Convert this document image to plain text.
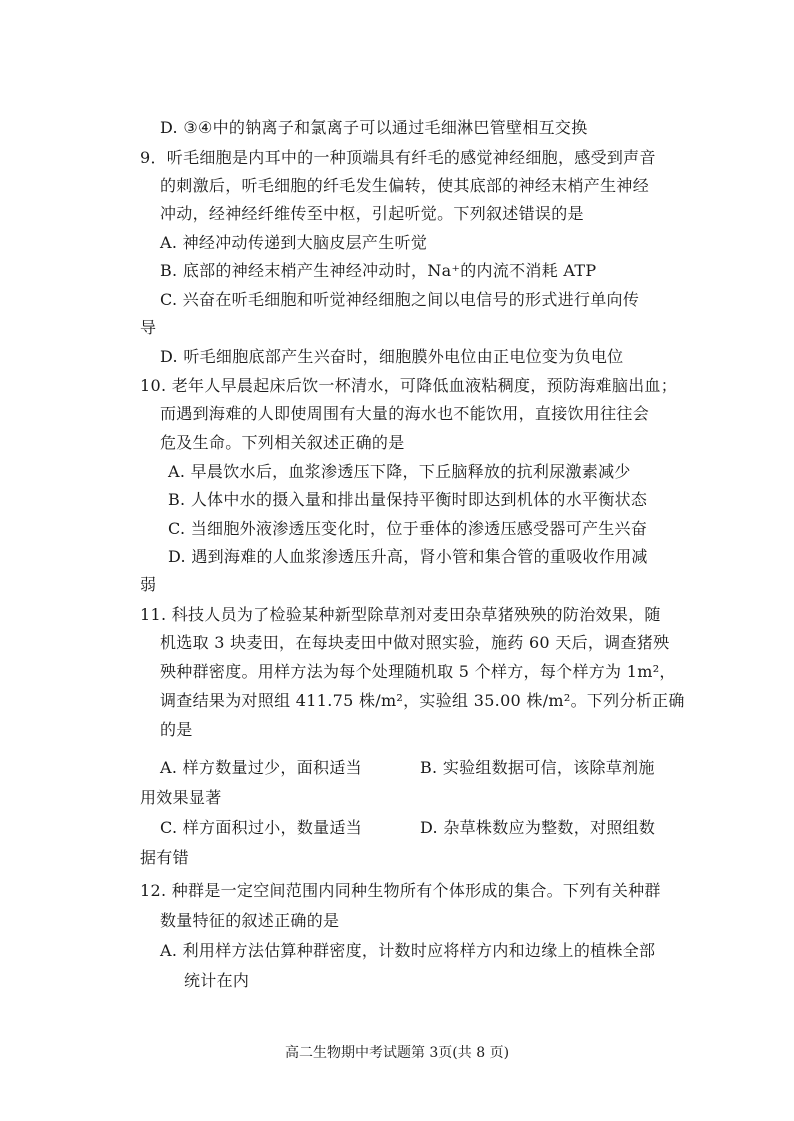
D. ③④中的钠离子和氯离子可以通过毛细淋巴管壁相互交换
9．听毛细胞是内耳中的一种顶端具有纤毛的感觉神经细胞，感受到声音
的刺激后，听毛细胞的纤毛发生偏转，使其底部的神经末梢产生神经
冲动，经神经纤维传至中枢，引起听觉。下列叙述错误的是
A. 神经冲动传递到大脑皮层产生听觉
B. 底部的神经末梢产生神经冲动时，Na⁺的内流不消耗 ATP
C. 兴奋在听毛细胞和听觉神经细胞之间以电信号的形式进行单向传
导
D. 听毛细胞底部产生兴奋时，细胞膜外电位由正电位变为负电位
10. 老年人早晨起床后饮一杯清水，可降低血液粘稠度，预防海难脑出血；
而遇到海难的人即使周围有大量的海水也不能饮用，直接饮用往往会
危及生命。下列相关叙述正确的是
A. 早晨饮水后，血浆渗透压下降，下丘脑释放的抗利尿激素减少
B. 人体中水的摄入量和排出量保持平衡时即达到机体的水平衡状态
C. 当细胞外液渗透压变化时，位于垂体的渗透压感受器可产生兴奋
D. 遇到海难的人血浆渗透压升高，肾小管和集合管的重吸收作用减
弱
11. 科技人员为了检验某种新型除草剂对麦田杂草猪殃殃的防治效果，随
机选取 3 块麦田，在每块麦田中做对照实验，施药 60 天后，调查猪殃
殃种群密度。用样方法为每个处理随机取 5 个样方，每个样方为 1m²，
调查结果为对照组 411.75 株/m²，实验组 35.00 株/m²。下列分析正确
的是
A. 样方数量过少，面积适当	B. 实验组数据可信，该除草剂施
用效果显著
C. 样方面积过小，数量适当	D. 杂草株数应为整数，对照组数
据有错
12. 种群是一定空间范围内同种生物所有个体形成的集合。下列有关种群
数量特征的叙述正确的是
A. 利用样方法估算种群密度，计数时应将样方内和边缘上的植株全部
统计在内
高二生物期中考试题第 3页(共 8 页)
